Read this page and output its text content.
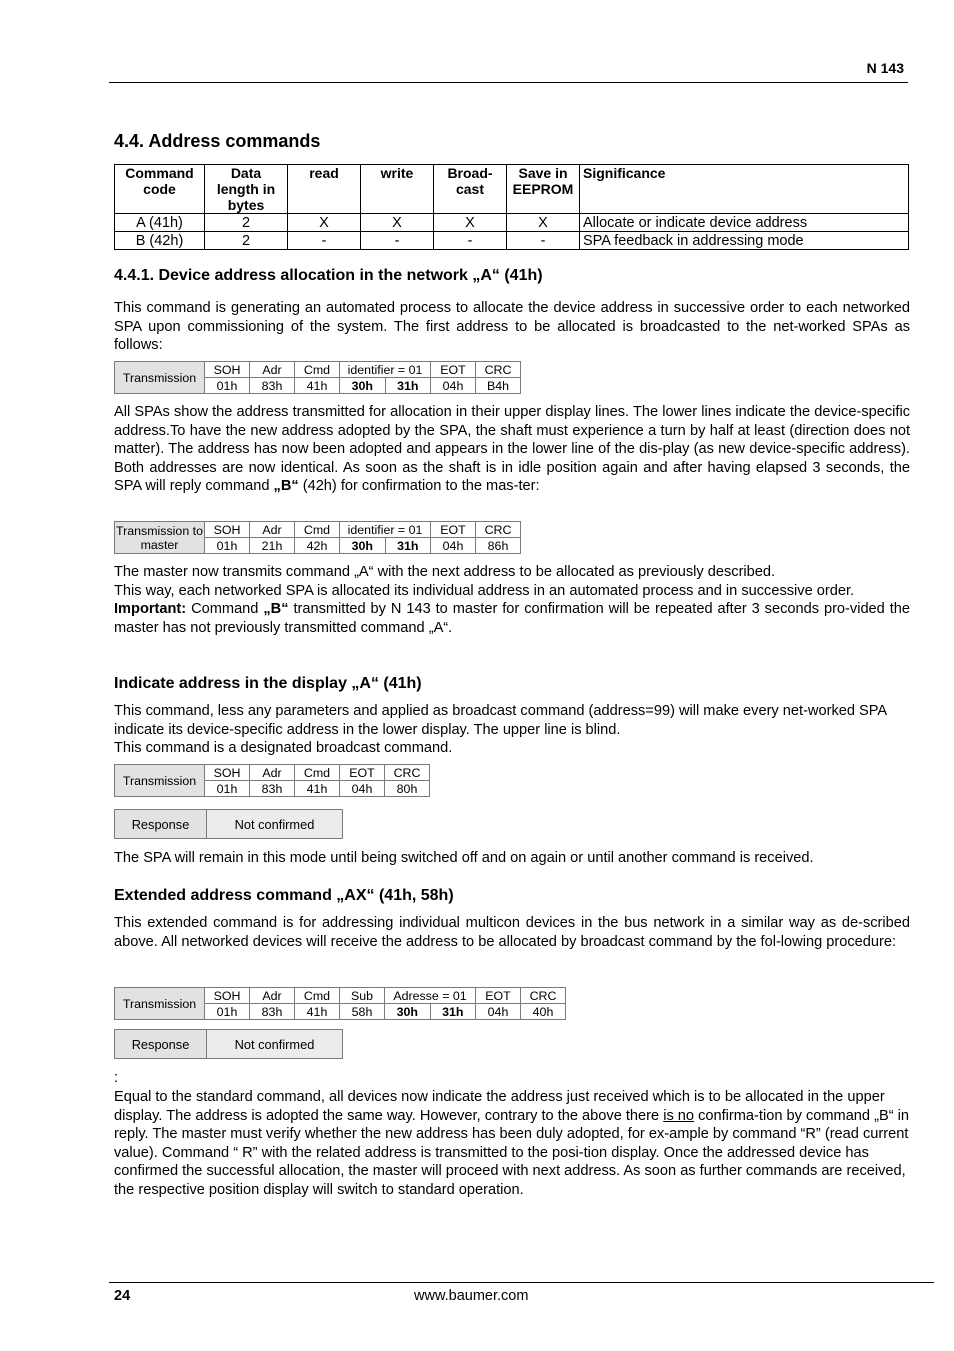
N 143
4.4. Address commands
Command code	Data length in bytes	read	write	Broad-cast	Save in EEPROM	Significance
A (41h)	2	X	X	X	X	Allocate or indicate device address
B (42h)	2	-	-	-	-	SPA feedback in addressing mode
4.4.1. Device address allocation in the network „A“ (41h)

This command is generating an automated process to allocate the device address in successive order to each networked SPA upon commissioning of the system. The first address to be allocated is broadcasted to the net-worked SPAs as follows:

Transmission	SOH	Adr	Cmd	identifier = 01		EOT	CRC
	01h	83h	41h	30h	31h	04h	B4h

All SPAs show the address transmitted for allocation in their upper display lines. The lower lines indicate the device-specific address.To have the new address adopted by the SPA, the shaft must experience a turn by half at least (direction does not matter). The address has now been adopted and appears in the lower line of the dis-play (as new device-specific address). Both addresses are now identical. As soon as the shaft is in idle position again and after having elapsed 3 seconds, the SPA will reply command „B“ (42h) for confirmation to the mas-ter:

Transmission to master	SOH	Adr	Cmd	identifier = 01		EOT	CRC
	01h	21h	42h	30h	31h	04h	86h

The master now transmits command „A“ with the next address to be allocated as previously described.

This way, each networked SPA is allocated its individual address in an automated process and in successive order.

Important: Command „B“ transmitted by N 143 to master for confirmation will be repeated after 3 seconds pro-vided the master has not previously transmitted command „A“.

Indicate address in the display „A“ (41h)

This command, less any parameters and applied as broadcast command (address=99) will make every net-worked SPA indicate its device-specific address in the lower display. The upper line is blind.

This command is a designated broadcast command.

Transmission	SOH	Adr	Cmd	EOT	CRC
	01h	83h	41h	04h	80h
Response	Not confirmed

The SPA will remain in this mode until being switched off and on again or until another command is received.

Extended address command „AX“ (41h, 58h)

This extended command is for addressing individual multicon devices in the bus network in a similar way as de-scribed above. All networked devices will receive the address to be allocated by broadcast command by the fol-lowing procedure:

Transmission	SOH	Adr	Cmd	Sub	Adresse = 01		EOT	CRC
	01h	83h	41h	58h	30h	31h	04h	40h
Response	Not confirmed

:

Equal to the standard command, all devices now indicate the address just received which is to be allocated in the upper display. The address is adopted the same way. However, contrary to the above there is no confirma-tion by command „B“ in reply. The master must verify whether the new address has been duly adopted, for ex-ample by command “R” (read current value). Command “ R” with the related address is transmitted to the posi-tion display. Once the addressed device has confirmed the successful allocation, the master will proceed with next address. As soon as further commands are received, the respective position display will switch to standard operation.

24	www.baumer.com
